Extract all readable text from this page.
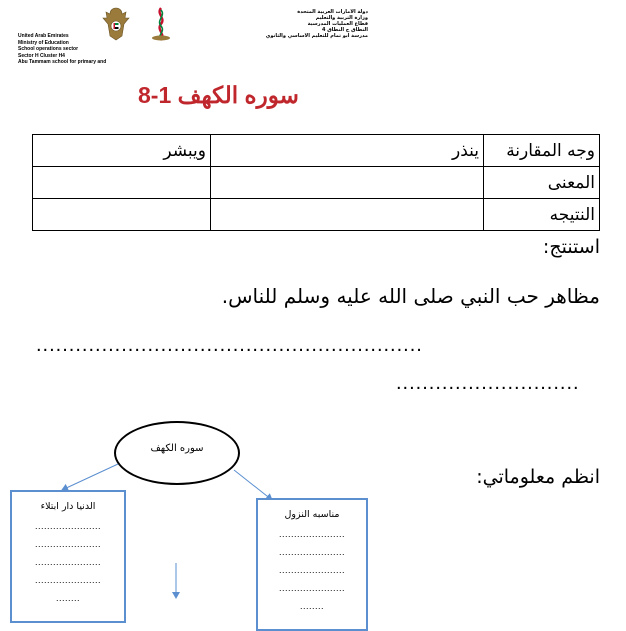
United Arab Emirates
Ministry of Education
School operations sector
Sector H Cluster H4
Abu Tammam school for primary and
دولة الامارات العربية المتحدة
وزارة التربية والتعليم
قطاع العمليات المدرسية
النطاق ح النطاق 4
مدرسة ابو تمام للتعليم الاساسي والثانوي
سوره الكهف 1-8
ويبشر	ينذر	وجه المقارنة
		المعنى
		النتيجه
استنتج:
مظاهر حب النبي صلى الله عليه وسلم للناس.
...........................................................
............................
انظم معلوماتي:
سوره الكهف
الدنيا دار ابتلاء
......................
......................
......................
......................
........
مناسبه النزول
......................
......................
......................
......................
........
